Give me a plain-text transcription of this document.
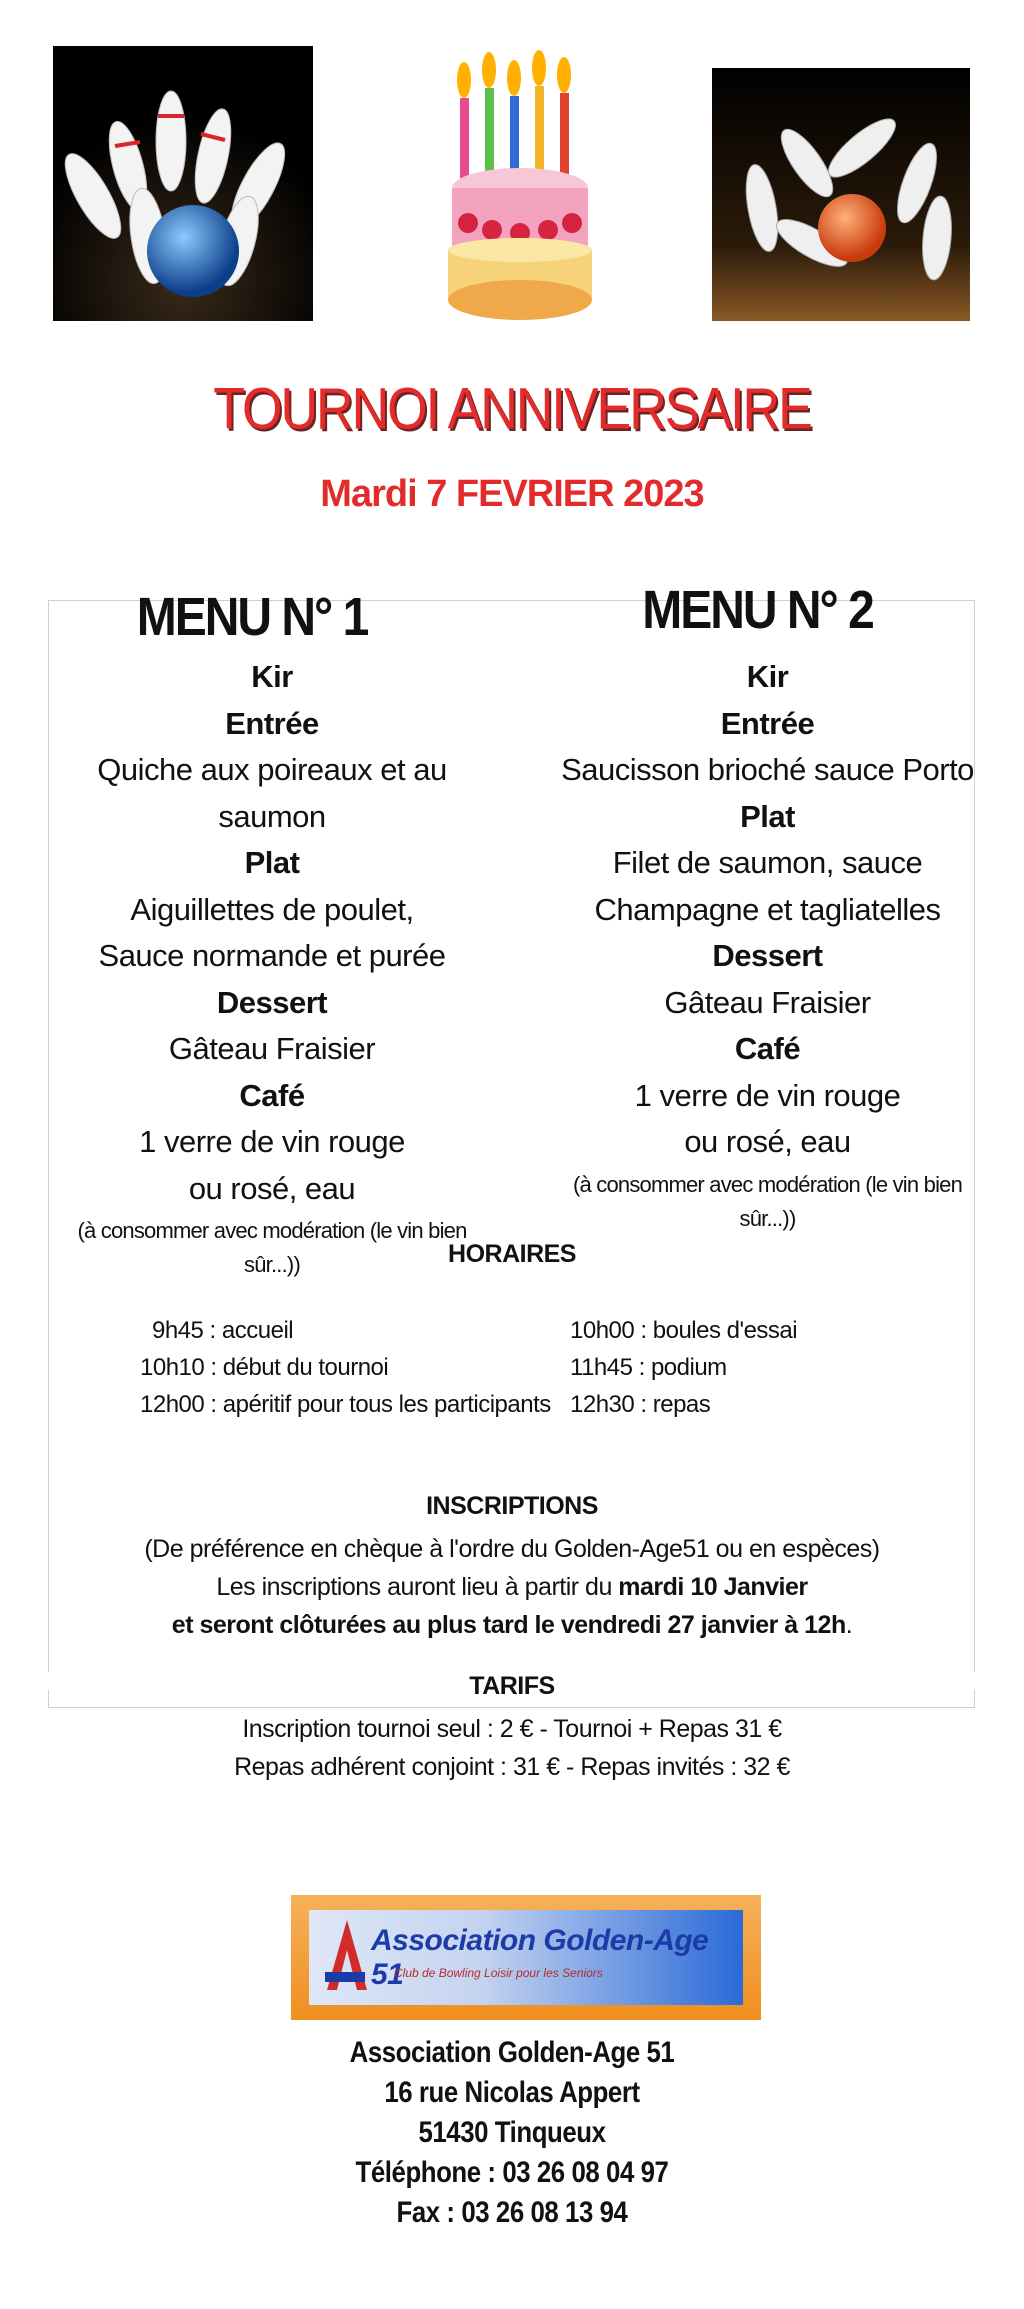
TOURNOI ANNIVERSAIRE
Mardi 7 FEVRIER 2023
MENU N° 1
Kir
Entrée
Quiche aux poireaux et au saumon
Plat
Aiguillettes de poulet,
Sauce normande et purée
Dessert
Gâteau Fraisier
Café
1 verre de vin rouge
ou rosé, eau
(à consommer avec modération (le vin bien sûr...))
MENU N° 2
Kir
Entrée
Saucisson brioché sauce Porto
Plat
Filet de saumon, sauce
Champagne et tagliatelles
Dessert
Gâteau Fraisier
Café
1 verre de vin rouge
ou rosé, eau
(à consommer avec modération (le vin bien sûr...))
HORAIRES
9h45 : accueil
10h10 : début du tournoi
12h00 : apéritif pour tous les participants
10h00 : boules d'essai
11h45 : podium
12h30 : repas
INSCRIPTIONS
(De préférence en chèque à l'ordre du Golden-Age51 ou en espèces)
Les inscriptions auront lieu à partir du mardi 10 Janvier
et seront clôturées au plus tard le vendredi 27 janvier à 12h.
TARIFS
Inscription tournoi seul : 2 € - Tournoi + Repas 31 €
Repas adhérent conjoint : 31 € - Repas invités : 32 €
Association Golden-Age 51
Club de Bowling Loisir pour les Seniors
Association Golden-Age 51
16 rue Nicolas Appert
51430 Tinqueux
Téléphone : 03 26 08 04 97
Fax : 03 26 08 13 94
